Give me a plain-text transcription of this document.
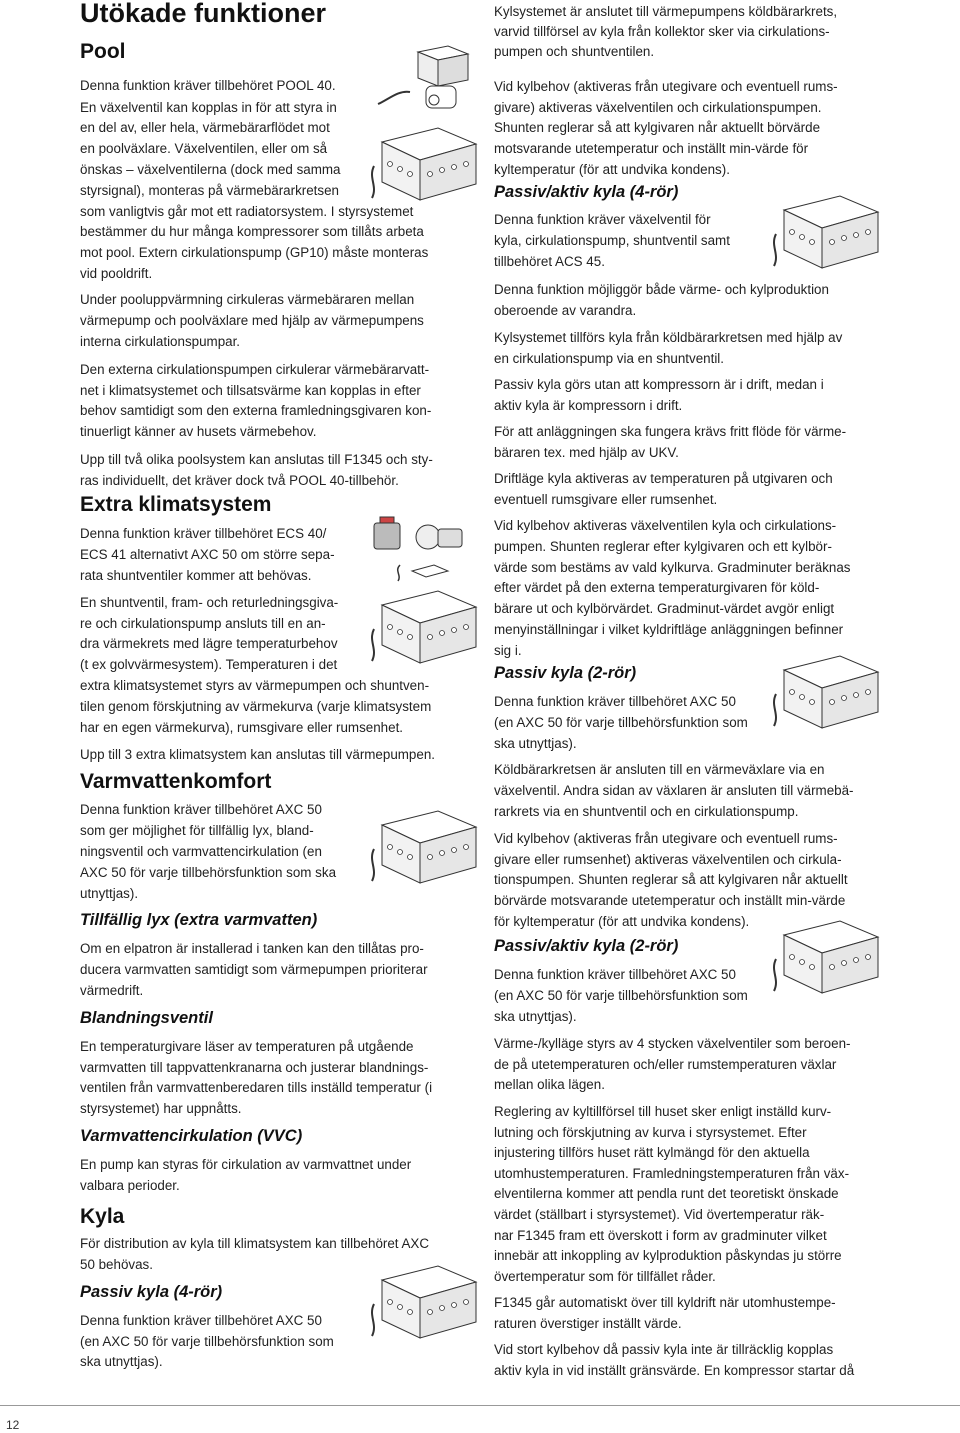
Utökade funktioner
Pool
Extra klimatsystem
Varmvattenkomfort
Tillfällig lyx (extra varmvatten)
Blandningsventil
Varmvattencirkulation (VVC)
Kyla
Passiv kyla (4-rör)
Passiv/aktiv kyla (4-rör)
Passiv kyla (2-rör)
Passiv/aktiv kyla (2-rör)
Denna funktion kräver tillbehöret POOL 40.
En växelventil kan kopplas in för att styra in
en del av, eller hela, värmebärarflödet mot
en poolväxlare. Växelventilen, eller om så
önskas – växelventilerna (dock med samma
styrsignal), monteras på värmebärarkretsen
som vanligtvis går mot ett radiatorsystem. I styrsystemet
bestämmer du hur många kompressorer som tillåts arbeta
mot pool. Extern cirkulationspump (GP10) måste monteras
vid pooldrift.
Under pooluppvärmning cirkuleras värmebäraren mellan
värmepump och poolväxlare med hjälp av värmepumpens
interna cirkulationspumpar.
Den externa cirkulationspumpen cirkulerar värmebärarvatt-
net i klimatsystemet och tillsatsvärme kan kopplas in efter
behov samtidigt som den externa framledningsgivaren kon-
tinuerligt känner av husets värmebehov.
Upp till två olika poolsystem kan anslutas till F1345 och sty-
ras individuellt, det kräver dock två POOL 40-tillbehör.
Denna funktion kräver tillbehöret ECS 40/
ECS 41 alternativt AXC 50 om större sepa-
rata shuntventiler kommer att behövas.
En shuntventil, fram- och returledningsgiva-
re och cirkulationspump ansluts till en an-
dra värmekrets med lägre temperaturbehov
(t ex golvvärmesystem). Temperaturen i det
extra klimatsystemet styrs av värmepumpen och shuntven-
tilen genom förskjutning av värmekurva (varje klimatsystem
har en egen värmekurva), rumsgivare eller rumsenhet.
Upp till 3 extra klimatsystem kan anslutas till värmepumpen.
Denna funktion kräver tillbehöret AXC 50
som ger möjlighet för tillfällig lyx, bland-
ningsventil och varmvattencirkulation (en
AXC 50 för varje tillbehörsfunktion som ska
utnyttjas).
Om en elpatron är installerad i tanken kan den tillåtas pro-
ducera varmvatten samtidigt som värmepumpen prioriterar
värmedrift.
En temperaturgivare läser av temperaturen på utgående
varmvatten till tappvattenkranarna och justerar blandnings-
ventilen från varmvattenberedaren tills inställd temperatur (i
styrsystemet) har uppnåtts.
En pump kan styras för cirkulation av varmvattnet under
valbara perioder.
För distribution av kyla till klimatsystem kan tillbehöret AXC
50 behövas.
Denna funktion kräver tillbehöret AXC 50
(en AXC 50 för varje tillbehörsfunktion som
ska utnyttjas).
Kylsystemet är anslutet till värmepumpens köldbärarkrets,
varvid tillförsel av kyla från kollektor sker via cirkulations-
pumpen och shuntventilen.
Vid kylbehov (aktiveras från utegivare och eventuell rums-
givare) aktiveras växelventilen och cirkulationspumpen.
Shunten reglerar så att kylgivaren når aktuellt börvärde
motsvarande utetemperatur och inställt min-värde för
kyltemperatur (för att undvika kondens).
Denna funktion kräver växelventil för
kyla, cirkulationspump, shuntventil samt
tillbehöret ACS 45.
Denna funktion möjliggör både värme- och kylproduktion
oberoende av varandra.
Kylsystemet tillförs kyla från köldbärarkretsen med hjälp av
en cirkulationspump via en shuntventil.
Passiv kyla görs utan att kompressorn är i drift, medan i
aktiv kyla är kompressorn i drift.
För att anläggningen ska fungera krävs fritt flöde för värme-
bäraren tex. med hjälp av UKV.
Driftläge kyla aktiveras av temperaturen på utgivaren och
eventuell rumsgivare eller rumsenhet.
Vid kylbehov aktiveras växelventilen kyla och cirkulations-
pumpen. Shunten reglerar efter kylgivaren och ett kylbör-
värde som bestäms av vald kylkurva. Gradminuter beräknas
efter värdet på den externa temperaturgivaren för köld-
bärare ut och kylbörvärdet. Gradminut-värdet avgör enligt
menyinställningar i vilket kyldriftläge anläggningen befinner
sig i.
Denna funktion kräver tillbehöret AXC 50
(en AXC 50 för varje tillbehörsfunktion som
ska utnyttjas).
Köldbärarkretsen är ansluten till en värmeväxlare via en
växelventil. Andra sidan av växlaren är ansluten till värmebä-
rarkrets via en shuntventil och en cirkulationspump.
Vid kylbehov (aktiveras från utegivare och eventuell rums-
givare eller rumsenhet) aktiveras växelventilen och cirkula-
tionspumpen. Shunten reglerar så att kylgivaren når aktuellt
börvärde motsvarande utetemperatur och inställt min-värde
för kyltemperatur (för att undvika kondens).
Denna funktion kräver tillbehöret AXC 50
(en AXC 50 för varje tillbehörsfunktion som
ska utnyttjas).
Värme-/kylläge styrs av 4 stycken växelventiler som beroen-
de på utetemperaturen och/eller rumstemperaturen växlar
mellan olika lägen.
Reglering av kyltillförsel till huset sker enligt inställd kurv-
lutning och förskjutning av kurva i styrsystemet. Efter
injustering tillförs huset rätt kylmängd för den aktuella
utomhustemperaturen. Framledningstemperaturen från väx-
elventilerna kommer att pendla runt det teoretiskt önskade
värdet (ställbart i styrsystemet). Vid övertemperatur räk-
nar F1345 fram ett överskott i form av gradminuter vilket
innebär att inkoppling av kylproduktion påskyndas ju större
övertemperatur som för tillfället råder.
F1345 går automatiskt över till kyldrift när utomhustempe-
raturen överstiger inställt värde.
Vid stort kylbehov då passiv kyla inte är tillräcklig kopplas
aktiv kyla in vid inställt gränsvärde. En kompressor startar då
12
